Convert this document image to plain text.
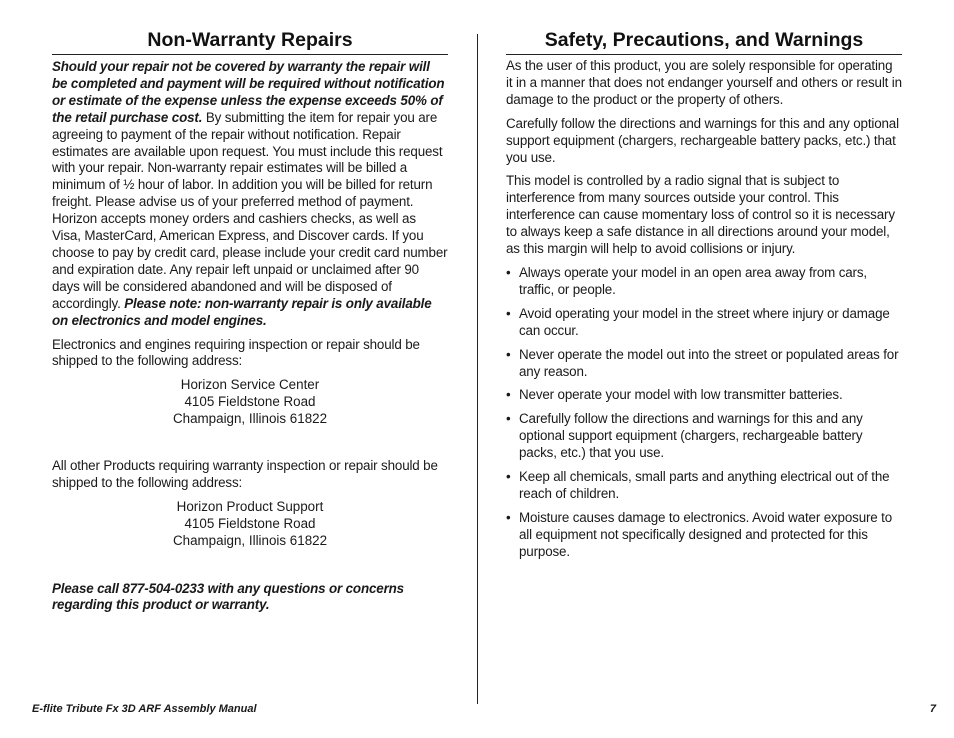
Non-Warranty Repairs

Should your repair not be covered by warranty the repair will be completed and payment will be required without notification or estimate of the expense unless the expense exceeds 50% of the retail purchase cost. By submitting the item for repair you are agreeing to payment of the repair without notification. Repair estimates are available upon request. You must include this request with your repair. Non-warranty repair estimates will be billed a minimum of ½ hour of labor. In addition you will be billed for return freight. Please advise us of your preferred method of payment. Horizon accepts money orders and cashiers checks, as well as Visa, MasterCard, American Express, and Discover cards. If you choose to pay by credit card, please include your credit card number and expiration date. Any repair left unpaid or unclaimed after 90 days will be considered abandoned and will be disposed of accordingly. Please note: non-warranty repair is only available on electronics and model engines.

Electronics and engines requiring inspection or repair should be shipped to the following address:

Horizon Service Center
4105 Fieldstone Road
Champaign, Illinois 61822

All other Products requiring warranty inspection or repair should be shipped to the following address:

Horizon Product Support
4105 Fieldstone Road
Champaign, Illinois 61822

Please call 877-504-0233 with any questions or concerns regarding this product or warranty.

Safety, Precautions, and Warnings

As the user of this product, you are solely responsible for operating it in a manner that does not endanger yourself and others or result in damage to the product or the property of others.

Carefully follow the directions and warnings for this and any optional support equipment (chargers, rechargeable battery packs, etc.) that you use.

This model is controlled by a radio signal that is subject to interference from many sources outside your control. This interference can cause momentary loss of control so it is necessary to always keep a safe distance in all directions around your model, as this margin will help to avoid collisions or injury.

• Always operate your model in an open area away from cars, traffic, or people.
• Avoid operating your model in the street where injury or damage can occur.
• Never operate the model out into the street or populated areas for any reason.
• Never operate your model with low transmitter batteries.
• Carefully follow the directions and warnings for this and any optional support equipment (chargers, rechargeable battery packs, etc.) that you use.
• Keep all chemicals, small parts and anything electrical out of the reach of children.
• Moisture causes damage to electronics. Avoid water exposure to all equipment not specifically designed and protected for this purpose.
E-flite Tribute Fx 3D ARF Assembly Manual	7
